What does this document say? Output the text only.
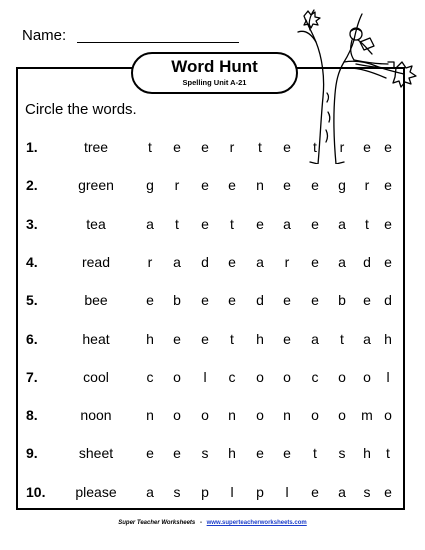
Name:
Word Hunt
Spelling Unit A-21
Circle the words.
1.	tree	t	e e	r	t	e	t	r	e e
2.	green	g	r	e e n e e g	r	e
3.	tea	a	t	e	t	e a e a	t	e
4.	read	r	a d e a	r	e a d e
5.	bee	e b e e d e e b e d
6.	heat	h e e	t	h e a	t	a h
7.	cool	c o	l	c o o c o o	l
8.	noon	n o o n o n o o m o
9.	sheet	e e s h e e	t	s h	t
10.	please	a s p	l	p	l	e a s e
Super Teacher Worksheets - www.superteacherworksheets.com
